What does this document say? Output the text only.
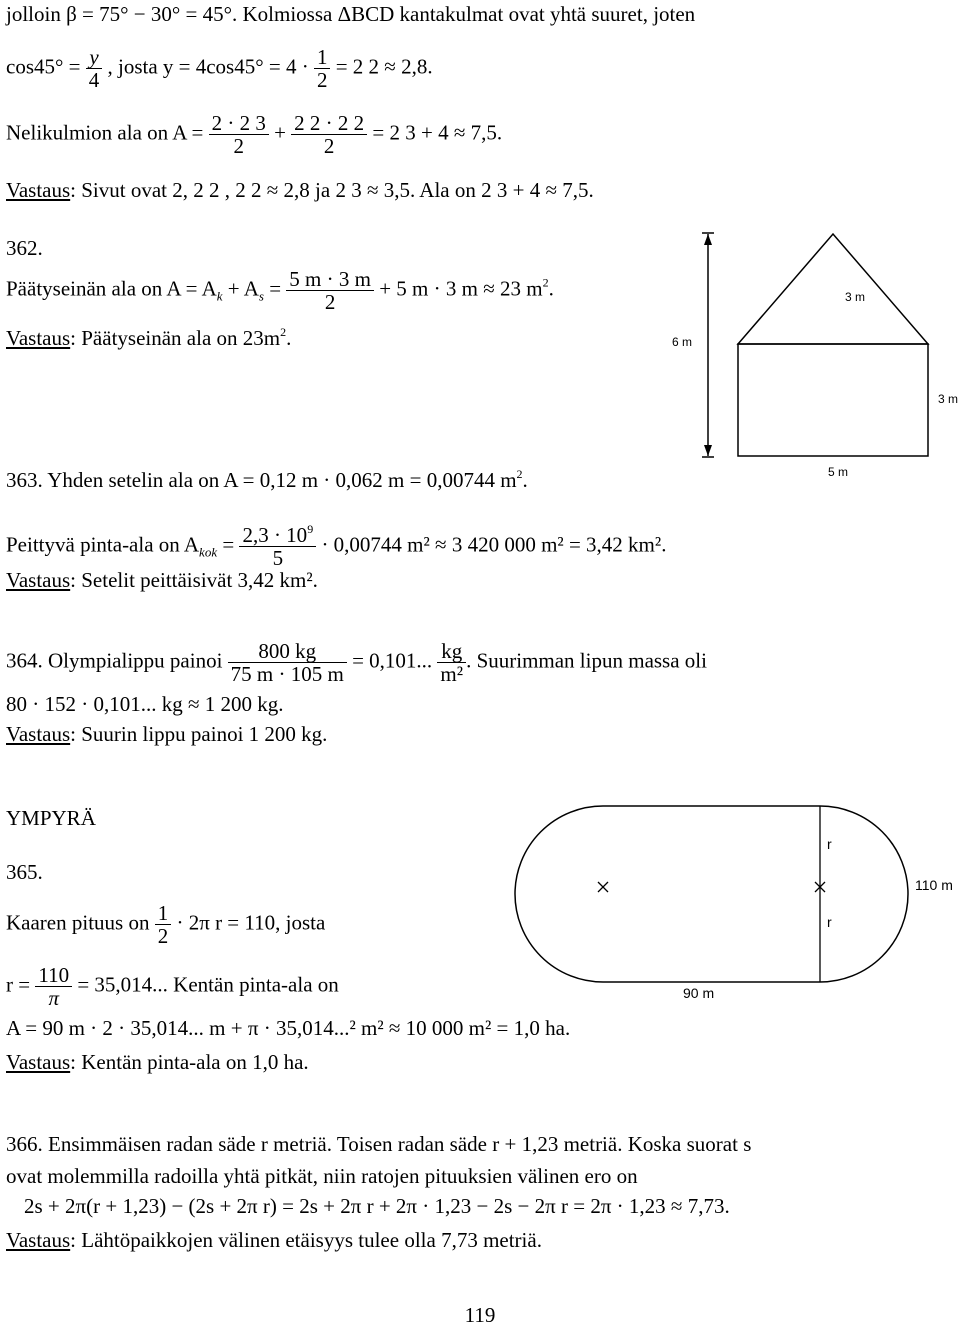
jolloin β = 75° − 30° = 45°. Kolmiossa ΔBCD kantakulmat ovat yhtä suuret, joten
$\cos 45^\circ = \frac{y}{4}$ , josta $y = 4\cos 45^\circ = 4 \cdot \frac{1}{2} = 2$ 2 ≈ 2,8.
Nelikulmion ala on $A = \frac{2 \cdot 2 3}{2} + \frac{2 2 \cdot 2 2}{2} = 2$ 3 + 4 ≈ 7,5.
Vastaus: Sivut ovat 2, 2 2 , 2 2 ≈ 2,8 ja 2 3 ≈ 3,5. Ala on 2 3 + 4 ≈ 7,5.
362.
Päätyseinän ala on $A = A_k + A_s = \frac{5 m \cdot 3 m}{2} + 5$ m · 3 m ≈ 23 $m^2$.
Vastaus: Päätyseinän ala on $23m^2$.	6 m
3 m
3 m
5 m
363. Yhden setelin ala on A = 0,12 m · 0,062 m = 0,00744 $m^2$.
Peittyvä pinta-ala on $A_{kok} = \frac{2,3 \cdot 10^9}{5} \cdot 0,00744$ m² ≈ 3 420 000 m² = 3,42 km².
Vastaus: Setelit peittäisivät 3,42 km².
364. Olympialippu painoi $\frac{800 kg}{75 m \cdot 105 m} = 0,101$... $\frac{kg}{\text{m²}}$ . Suurimman lipun massa oli
80 · 152 · 0,101... kg ≈ 1 200 kg.
Vastaus: Suurin lippu painoi 1 200 kg.
YMPYRÄ
365.
Kaaren pituus on $\frac{1}{2} \cdot 2\pi$ r = 110, josta
$r = \frac{110}{\pi} = 35,014$... Kentän pinta-ala on
A = 90 m · 2 · 35,014... m + π · 35,014...² m² ≈ 10 000 m² = 1,0 ha.
Vastaus: Kentän pinta-ala on 1,0 ha.
r
r
110 m
90 m
366. Ensimmäisen radan säde r metriä. Toisen radan säde r + 1,23 metriä. Koska suorat s
ovat molemmilla radoilla yhtä pitkät, niin ratojen pituuksien välinen ero on
2s + 2π(r + 1,23) − (2s + 2π r) = 2s + 2π r + 2π · 1,23 − 2s − 2π r = 2π · 1,23 ≈ 7,73.
Vastaus: Lähtöpaikkojen välinen etäisyys tulee olla 7,73 metriä.
119
